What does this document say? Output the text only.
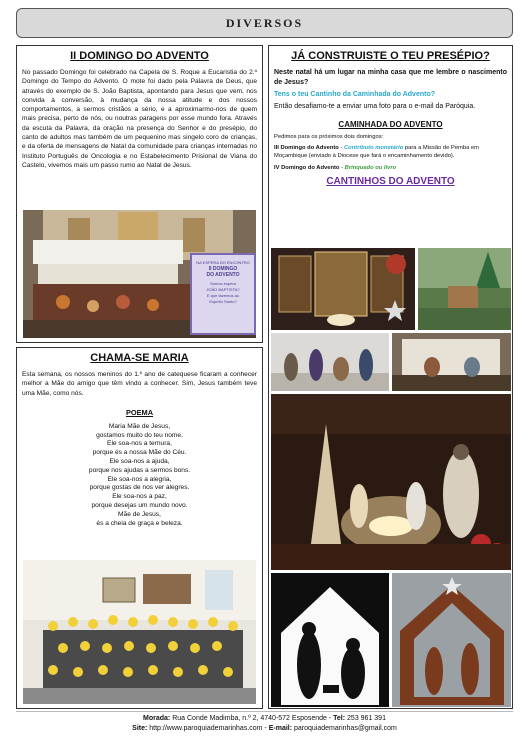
DIVERSOS
II DOMINGO DO ADVENTO
No passado Domingo foi celebrado na Capela de S. Roque a Eucaristia do 2.º Domingo do Tempo do Advento. O mote foi dado pela Palavra de Deus, que através do exemplo de S. João Baptista, apontando para Jesus que vem, nos convida à conversão, à mudança da nossa atitude e dos nossos comportamentos, a sermos cristãos a sério, e a aproximarmo-nos de quem mais precisa, perto de nós, ou noutras paragens por esse mundo fora. Através da escuta da Palavra, da oração na presença do Senhor e do presépio, do canto de adultos mas também de um pequenino mas singelo coro de crianças, e da oferta de mensagens de Natal da comunidade para crianças internadas no Instituto Português de Oncologia e no Estabelecimento Prisional de Viana do Castelo, vivemos mais um passo rumo ao Natal de Jesus.
NA ESPERA DO ENCONTRO
II DOMINGO
DO ADVENTO
Somos espera
JOÃO BAPTISTA?
E que fazemos ao
Espírito Santo?
CHAMA-SE MARIA
Esta semana, os nossos meninos do 1.º ano de catequese ficaram a conhecer melhor a Mãe do amigo que têm vindo a conhecer. Sim, Jesus também teve uma Mãe, como nós.
POEMA
Maria Mãe de Jesus,
gostamos muito do teu nome.
Ele soa-nos a ternura,
porque és a nossa Mãe do Céu.
Ele soa-nos a ajuda,
porque nos ajudas a sermos bons.
Ele soa-nos a alegria,
porque gostas de nos ver alegres.
Ele soa-nos a paz,
porque desejas um mundo novo.
Mãe de Jesus,
és a cheia de graça e beleza.
JÁ CONSTRUISTE O TEU PRESÉPIO?
Neste natal há um lugar na minha casa que me lembre o nascimento de Jesus?
Tens o teu Cantinho da Caminhada do Advento?
Então desafiamo-te a enviar uma foto para o e-mail da Paróquia.
CAMINHADA DO ADVENTO
Pedimos para os próximos dois domingos:
III Domingo do Advento - Contributo monetário para a Missão de Pemba em Moçambique (enviado à Diocese que fará o encaminhamento devido).
IV Domingo do Advento - Brinquedo ou livro
CANTINHOS DO ADVENTO
Morada: Rua Conde Madimba, n.º 2, 4740-572 Esposende - Tel: 253 961 391
Site: http://www.paroquiademarinhas.com - E-mail: paroquiademarinhas@gmail.com
